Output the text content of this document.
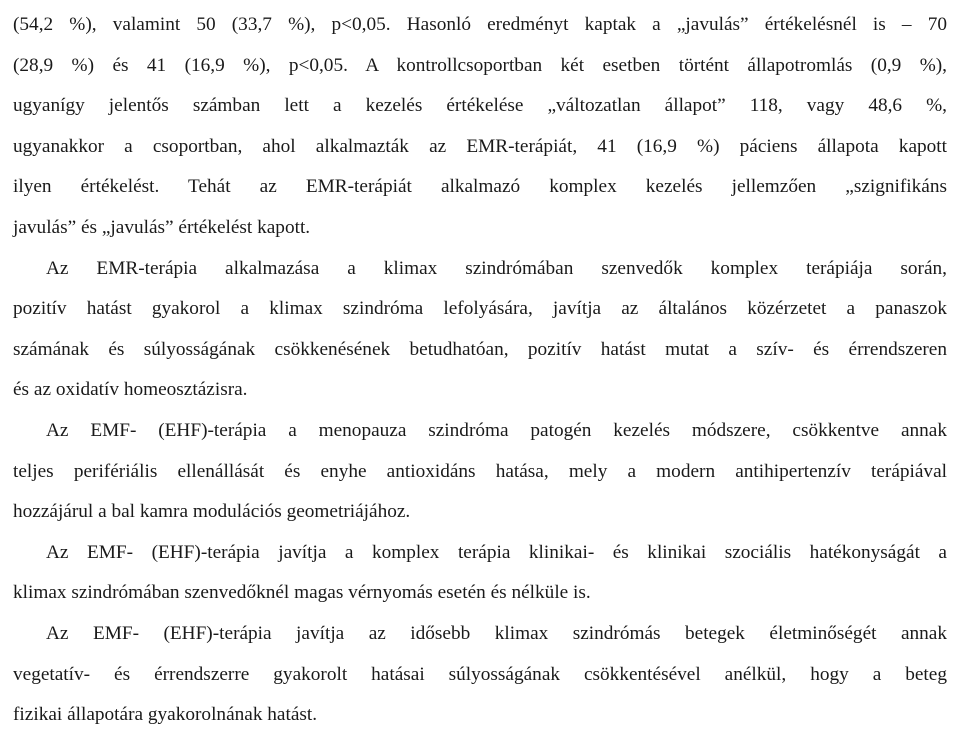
(54,2 %), valamint 50 (33,7 %), p<0,05. Hasonló eredményt kaptak a „javulás” értékelésnél is – 70
(28,9 %) és 41 (16,9 %), p<0,05. A kontrollcsoportban két esetben történt állapotromlás (0,9 %),
ugyanígy jelentős számban lett a kezelés értékelése „változatlan állapot” 118, vagy 48,6 %,
ugyanakkor a csoportban, ahol alkalmazták az EMR-terápiát, 41 (16,9 %) páciens állapota kapott
ilyen értékelést. Tehát az EMR-terápiát alkalmazó komplex kezelés jellemzően „szignifikáns
javulás” és „javulás” értékelést kapott.

Az EMR-terápia alkalmazása a klimax szindrómában szenvedők komplex terápiája során,
pozitív hatást gyakorol a klimax szindróma lefolyására, javítja az általános közérzetet a panaszok
számának és súlyosságának csökkenésének betudhatóan, pozitív hatást mutat a szív- és érrendszeren
és az oxidatív homeosztázisra.

Az EMF- (EHF)-terápia a menopauza szindróma patogén kezelés módszere, csökkentve annak
teljes perifériális ellenállását és enyhe antioxidáns hatása, mely a modern antihipertenzív terápiával
hozzájárul a bal kamra modulációs geometriájához.

Az EMF- (EHF)-terápia javítja a komplex terápia klinikai- és klinikai szociális hatékonyságát a
klimax szindrómában szenvedőknél magas vérnyomás esetén és nélküle is.

Az EMF- (EHF)-terápia javítja az idősebb klimax szindrómás betegek életminőségét annak
vegetatív- és érrendszerre gyakorolt hatásai súlyosságának csökkentésével anélkül, hogy a beteg
fizikai állapotára gyakorolnának hatást.
